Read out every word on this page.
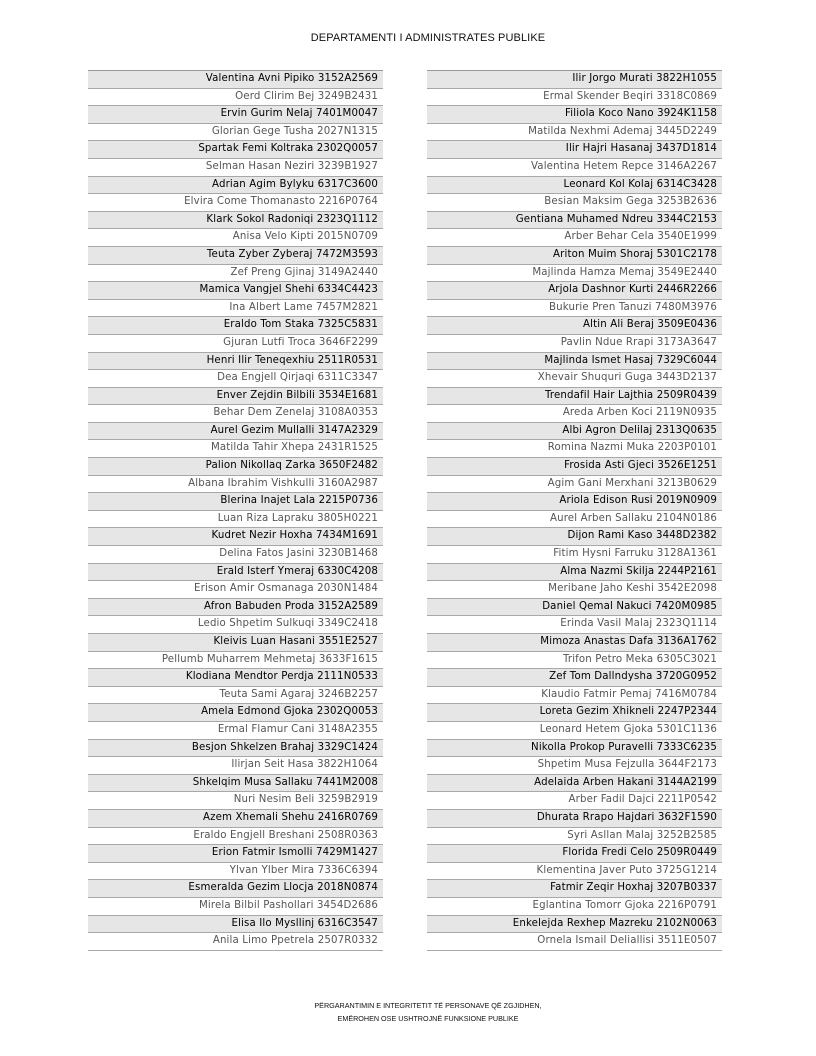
DEPARTAMENTI I ADMINISTRATES PUBLIKE
Valentina Avni Pipiko 3152A2569
Oerd Clirim Bej 3249B2431
Ervin Gurim Nelaj 7401M0047
Glorian Gege Tusha 2027N1315
Spartak Femi Koltraka 2302Q0057
Selman Hasan Neziri 3239B1927
Adrian Agim Bylyku 6317C3600
Elvira Come Thomanasto 2216P0764
Klark Sokol Radoniqi 2323Q1112
Anisa Velo Kipti 2015N0709
Teuta Zyber Zyberaj 7472M3593
Zef Preng Gjinaj 3149A2440
Mamica Vangjel Shehi 6334C4423
Ina Albert Lame 7457M2821
Eraldo Tom Staka 7325C5831
Gjuran Lutfi Troca 3646F2299
Henri Ilir Teneqexhiu 2511R0531
Dea Engjell Qirjaqi 6311C3347
Enver Zejdin Bilbili 3534E1681
Behar Dem Zenelaj 3108A0353
Aurel Gezim Mullalli 3147A2329
Matilda Tahir Xhepa 2431R1525
Palion Nikollaq Zarka 3650F2482
Albana Ibrahim Vishkulli 3160A2987
Blerina Inajet Lala 2215P0736
Luan Riza Lapraku 3805H0221
Kudret Nezir Hoxha 7434M1691
Delina Fatos Jasini 3230B1468
Erald Isterf Ymeraj 6330C4208
Erison Amir Osmanaga 2030N1484
Afron Babuden Proda 3152A2589
Ledio Shpetim Sulkuqi 3349C2418
Kleivis Luan Hasani 3551E2527
Pellumb Muharrem Mehmetaj 3633F1615
Klodiana Mendtor Perdja 2111N0533
Teuta Sami Agaraj 3246B2257
Amela Edmond Gjoka 2302Q0053
Ermal Flamur Cani 3148A2355
Besjon Shkelzen Brahaj 3329C1424
Ilirjan Seit Hasa 3822H1064
Shkelqim Musa Sallaku 7441M2008
Nuri Nesim Beli 3259B2919
Azem Xhemali Shehu 2416R0769
Eraldo Engjell Breshani 2508R0363
Erion Fatmir Ismolli 7429M1427
Ylvan Ylber Mira 7336C6394
Esmeralda Gezim Llocja 2018N0874
Mirela Bilbil Pashollari 3454D2686
Elisa Ilo Mysllinj 6316C3547
Anila Limo Ppetrela 2507R0332
Ilir Jorgo Murati 3822H1055
Ermal Skender Beqiri 3318C0869
Filiola Koco Nano 3924K1158
Matilda Nexhmi Ademaj 3445D2249
Ilir Hajri Hasanaj 3437D1814
Valentina Hetem Repce 3146A2267
Leonard Kol Kolaj 6314C3428
Besian Maksim Gega 3253B2636
Gentiana Muhamed Ndreu 3344C2153
Arber Behar Cela 3540E1999
Ariton Muim Shoraj 5301C2178
Majlinda Hamza Memaj 3549E2440
Arjola Dashnor Kurti 2446R2266
Bukurie Pren Tanuzi 7480M3976
Altin Ali Beraj 3509E0436
Pavlin Ndue Rrapi 3173A3647
Majlinda Ismet Hasaj 7329C6044
Xhevair Shuquri Guga 3443D2137
Trendafil Hair Lajthia 2509R0439
Areda Arben Koci 2119N0935
Albi Agron Delilaj 2313Q0635
Romina Nazmi Muka 2203P0101
Frosida Asti Gjeci 3526E1251
Agim Gani Merxhani 3213B0629
Ariola Edison Rusi 2019N0909
Aurel Arben Sallaku 2104N0186
Dijon Rami Kaso 3448D2382
Fitim Hysni Farruku 3128A1361
Alma Nazmi Skilja 2244P2161
Meribane Jaho Keshi 3542E2098
Daniel Qemal Nakuci 7420M0985
Erinda Vasil Malaj 2323Q1114
Mimoza Anastas Dafa 3136A1762
Trifon Petro Meka 6305C3021
Zef Tom Dallndysha 3720G0952
Klaudio Fatmir Pemaj 7416M0784
Loreta Gezim Xhikneli 2247P2344
Leonard Hetem Gjoka 5301C1136
Nikolla Prokop Puravelli 7333C6235
Shpetim Musa Fejzulla 3644F2173
Adelaida Arben Hakani 3144A2199
Arber Fadil Dajci 2211P0542
Dhurata Rrapo Hajdari 3632F1590
Syri Asllan Malaj 3252B2585
Florida Fredi Celo 2509R0449
Klementina Javer Puto 3725G1214
Fatmir Zeqir Hoxhaj 3207B0337
Eglantina Tomorr Gjoka 2216P0791
Enkelejda Rexhep Mazreku 2102N0063
Ornela Ismail Deliallisi 3511E0507
PËRGARANTIMIN E INTEGRITETIT TË PERSONAVE QË ZGJIDHEN,
EMËROHEN OSE USHTROJNË FUNKSIONE PUBLIKE
